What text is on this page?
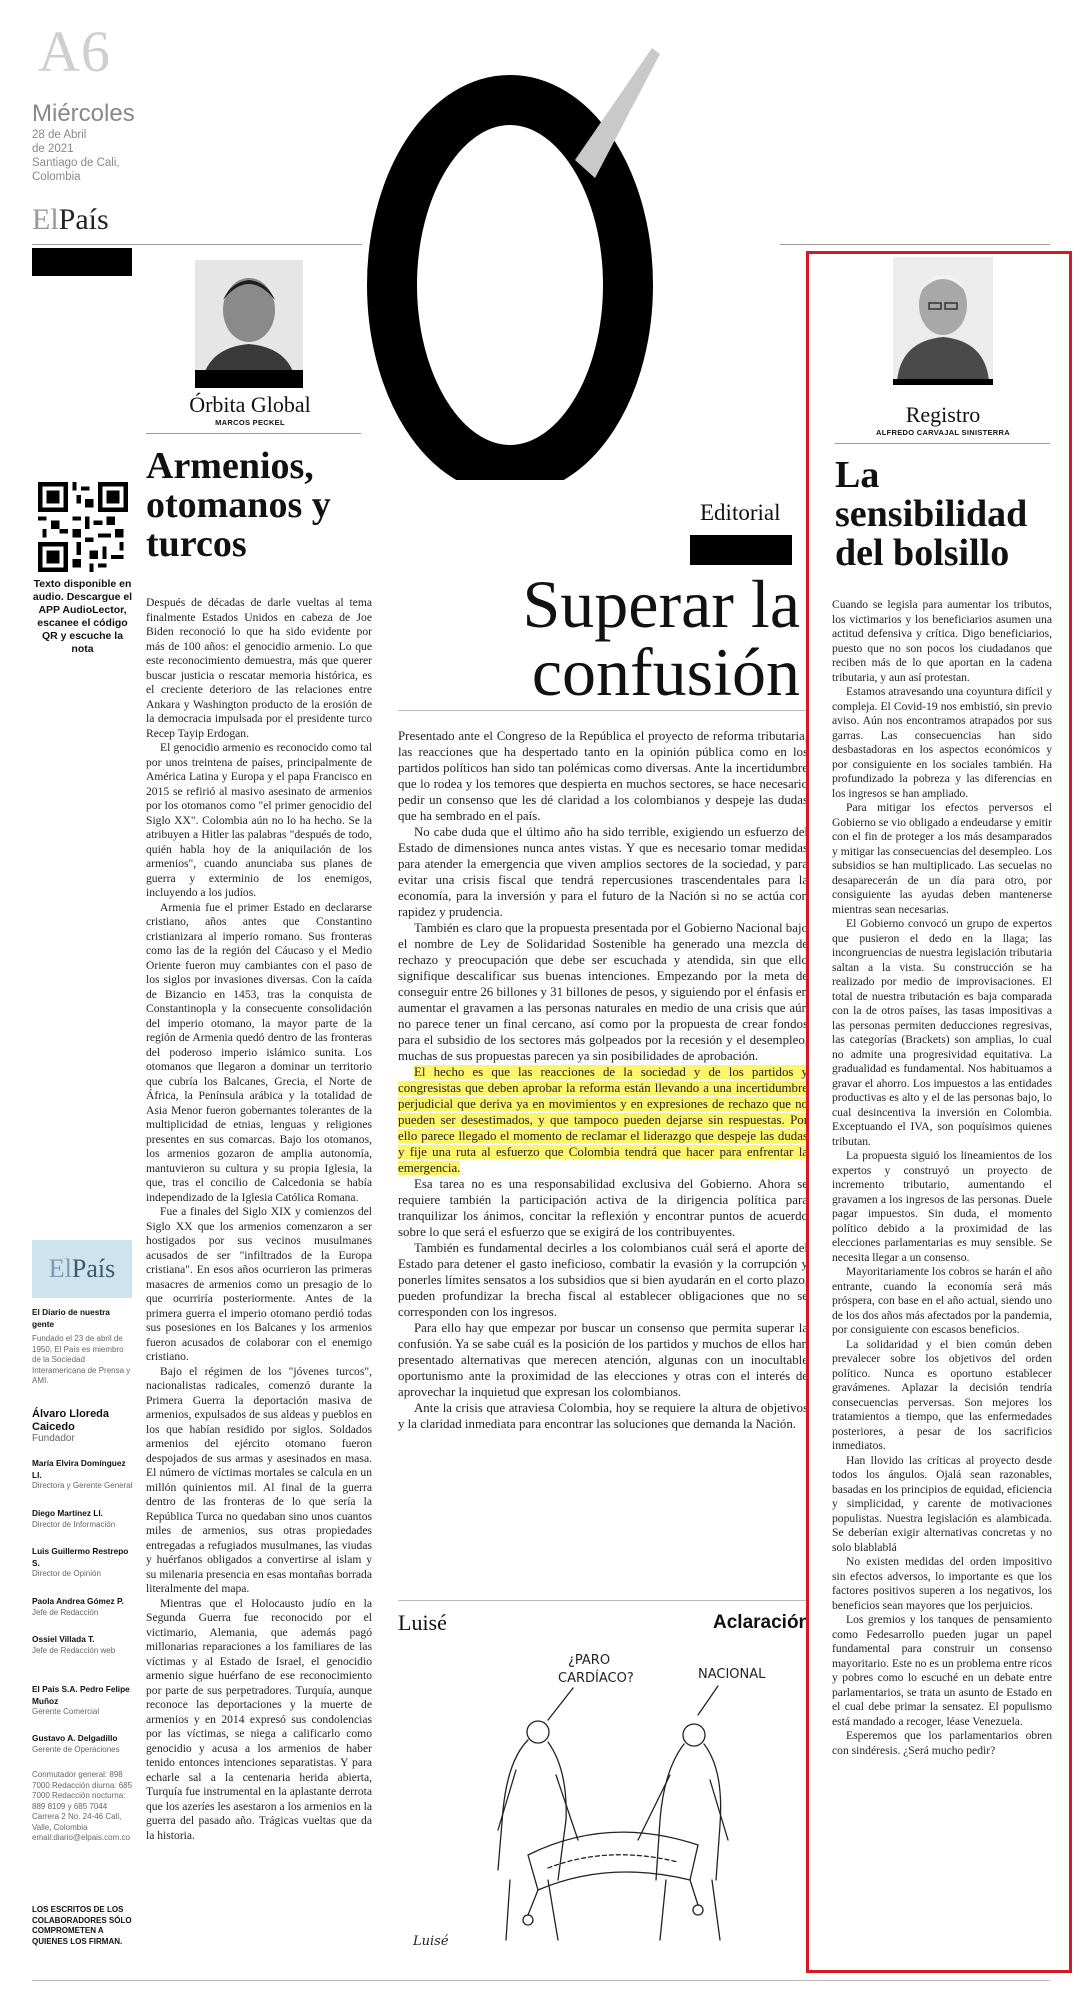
A6
Miércoles
28 de Abril
de 2021
Santiago de Cali,
Colombia
ElPaís
Órbita Global
MARCOS PECKEL
Armenios,
otomanos y
turcos

Después de décadas de darle vueltas al tema finalmente Estados Unidos en cabeza de Joe Biden reconoció lo que ha sido evidente por más de 100 años: el genocidio armenio. Lo que este reconocimiento demuestra, más que querer buscar justicia o rescatar memoria histórica, es el creciente deterioro de las relaciones entre Ankara y Washington producto de la erosión de la democracia impulsada por el presidente turco Recep Tayip Erdogan.

El genocidio armenio es reconocido como tal por unos treintena de países, principalmente de América Latina y Europa y el papa Francisco en 2015 se refirió al masivo asesinato de armenios por los otomanos como "el primer genocidio del Siglo XX". Colombia aún no lo ha hecho. Se la atribuyen a Hitler las palabras "después de todo, quién habla hoy de la aniquilación de los armenios", cuando anunciaba sus planes de guerra y exterminio de los enemigos, incluyendo a los judíos.

Armenia fue el primer Estado en declararse cristiano, años antes que Constantino cristianizara al imperio romano. Sus fronteras como las de la región del Cáucaso y el Medio Oriente fueron muy cambiantes con el paso de los siglos por invasiones diversas. Con la caída de Bizancio en 1453, tras la conquista de Constantinopla y la consecuente consolidación del imperio otomano, la mayor parte de la región de Armenia quedó dentro de las fronteras del poderoso imperio islámico sunita. Los otomanos que llegaron a dominar un territorio que cubría los Balcanes, Grecia, el Norte de África, la Península arábica y la totalidad de Asia Menor fueron gobernantes tolerantes de la multiplicidad de etnias, lenguas y religiones presentes en sus comarcas. Bajo los otomanos, los armenios gozaron de amplia autonomía, mantuvieron su cultura y su propia Iglesia, la que, tras el concilio de Calcedonia se había independizado de la Iglesia Católica Romana.

Fue a finales del Siglo XIX y comienzos del Siglo XX que los armenios comenzaron a ser hostigados por sus vecinos musulmanes acusados de ser "infiltrados de la Europa cristiana". En esos años ocurrieron las primeras masacres de armenios como un presagio de lo que ocurriría posteriormente. Antes de la primera guerra el imperio otomano perdió todas sus posesiones en los Balcanes y los armenios fueron acusados de colaborar con el enemigo cristiano.

Bajo el régimen de los "jóvenes turcos", nacionalistas radicales, comenzó durante la Primera Guerra la deportación masiva de armenios, expulsados de sus aldeas y pueblos en los que habían residido por siglos. Soldados armenios del ejército otomano fueron despojados de sus armas y asesinados en masa. El número de víctimas mortales se calcula en un millón quinientos mil. Al final de la guerra dentro de las fronteras de lo que sería la República Turca no quedaban sino unos cuantos miles de armenios, sus otras propiedades entregadas a refugiados musulmanes, las viudas y huérfanos obligados a convertirse al islam y su milenaria presencia en esas montañas borrada literalmente del mapa.

Mientras que el Holocausto judío en la Segunda Guerra fue reconocido por el victimario, Alemania, que además pagó millonarias reparaciones a los familiares de las víctimas y al Estado de Israel, el genocidio armenio sigue huérfano de ese reconocimiento por parte de sus perpetradores. Turquía, aunque reconoce las deportaciones y la muerte de armenios y en 2014 expresó sus condolencias por las víctimas, se niega a calificarlo como genocidio y acusa a los armenios de haber tenido entonces intenciones separatistas. Y para echarle sal a la centenaria herida abierta, Turquía fue instrumental en la aplastante derrota que los azeríes les asestaron a los armenios en la guerra del pasado año. Trágicas vueltas que da la historia.

Texto disponible en audio. Descargue el APP AudioLector, escanee el código QR y escuche la nota
ElPaís
El Diario de nuestra gente
Fundado el 23 de abril de 1950, El País es miembro de la Sociedad Interamericana de Prensa y AMI.
Álvaro Lloreda Caicedo
Fundador
María Elvira Domínguez Ll.
Directora y Gerente General
Diego Martínez Ll.
Director de Información
Luis Guillermo Restrepo S.
Director de Opinión
Paola Andrea Gómez P.
Jefe de Redacción
Ossiel Villada T.
Jefe de Redacción web
El País S.A. Pedro Felipe Muñoz
Gerente Comercial
Gustavo A. Delgadillo
Gerente de Operaciones
Conmutador general: 898 7000 Redacción diurna: 685 7000 Redacción nocturna: 889 8109 y 685 7044 Carrera 2 No. 24-46 Cali, Valle, Colombia email:diario@elpais.com.co
LOS ESCRITOS DE LOS COLABORADORES SÓLO COMPROMETEN A QUIENES LOS FIRMAN.
Editorial
Superar la
confusión

Presentado ante el Congreso de la República el proyecto de reforma tributaria, las reacciones que ha despertado tanto en la opinión pública como en los partidos políticos han sido tan polémicas como diversas. Ante la incertidumbre que lo rodea y los temores que despierta en muchos sectores, se hace necesario pedir un consenso que les dé claridad a los colombianos y despeje las dudas que ha sembrado en el país.

No cabe duda que el último año ha sido terrible, exigiendo un esfuerzo del Estado de dimensiones nunca antes vistas. Y que es necesario tomar medidas para atender la emergencia que viven amplios sectores de la sociedad, y para evitar una crisis fiscal que tendrá repercusiones trascendentales para la economía, para la inversión y para el futuro de la Nación si no se actúa con rapidez y prudencia.

También es claro que la propuesta presentada por el Gobierno Nacional bajo el nombre de Ley de Solidaridad Sostenible ha generado una mezcla de rechazo y preocupación que debe ser escuchada y atendida, sin que ello signifique descalificar sus buenas intenciones. Empezando por la meta de conseguir entre 26 billones y 31 billones de pesos, y siguiendo por el énfasis en aumentar el gravamen a las personas naturales en medio de una crisis que aún no parece tener un final cercano, así como por la propuesta de crear fondos para el subsidio de los sectores más golpeados por la recesión y el desempleo, muchas de sus propuestas parecen ya sin posibilidades de aprobación.

El hecho es que las reacciones de la sociedad y de los partidos y congresistas que deben aprobar la reforma están llevando a una incertidumbre perjudicial que deriva ya en movimientos y en expresiones de rechazo que no pueden ser desestimados, y que tampoco pueden dejarse sin respuestas. Por ello parece llegado el momento de reclamar el liderazgo que despeje las dudas y fije una ruta al esfuerzo que Colombia tendrá que hacer para enfrentar la emergencia.

Esa tarea no es una responsabilidad exclusiva del Gobierno. Ahora se requiere también la participación activa de la dirigencia política para tranquilizar los ánimos, concitar la reflexión y encontrar puntos de acuerdo sobre lo que será el esfuerzo que se exigirá de los contribuyentes.

También es fundamental decirles a los colombianos cuál será el aporte del Estado para detener el gasto ineficioso, combatir la evasión y la corrupción y ponerles límites sensatos a los subsidios que si bien ayudarán en el corto plazo, pueden profundizar la brecha fiscal al establecer obligaciones que no se corresponden con los ingresos.

Para ello hay que empezar por buscar un consenso que permita superar la confusión. Ya se sabe cuál es la posición de los partidos y muchos de ellos han presentado alternativas que merecen atención, algunas con un inocultable oportunismo ante la proximidad de las elecciones y otras con el interés de aprovechar la inquietud que expresan los colombianos.

Ante la crisis que atraviesa Colombia, hoy se requiere la altura de objetivos y la claridad inmediata para encontrar las soluciones que demanda la Nación.

Luisé	Aclaración
¿PARO
CARDÍACO?	NACIONAL
Luisé
Registro
ALFREDO CARVAJAL SINISTERRA
La
sensibilidad
del bolsillo

Cuando se legisla para aumentar los tributos, los victimarios y los beneficiarios asumen una actitud defensiva y crítica. Digo beneficiarios, puesto que no son pocos los ciudadanos que reciben más de lo que aportan en la cadena tributaria, y aun así protestan.

Estamos atravesando una coyuntura difícil y compleja. El Covid-19 nos embistió, sin previo aviso. Aún nos encontramos atrapados por sus garras. Las consecuencias han sido desbastadoras en los aspectos económicos y por consiguiente en los sociales también. Ha profundizado la pobreza y las diferencias en los ingresos se han ampliado.

Para mitigar los efectos perversos el Gobierno se vio obligado a endeudarse y emitir con el fin de proteger a los más desamparados y mitigar las consecuencias del desempleo. Los subsidios se han multiplicado. Las secuelas no desaparecerán de un día para otro, por consiguiente las ayudas deben mantenerse mientras sean necesarias.

El Gobierno convocó un grupo de expertos que pusieron el dedo en la llaga; las incongruencias de nuestra legislación tributaria saltan a la vista. Su construcción se ha realizado por medio de improvisaciones. El total de nuestra tributación es baja comparada con la de otros países, las tasas impositivas a las personas permiten deducciones regresivas, las categorías (Brackets) son amplias, lo cual no admite una progresividad equitativa. La gradualidad es fundamental. Nos habituamos a gravar el ahorro. Los impuestos a las entidades productivas es alto y el de las personas bajo, lo cual desincentiva la inversión en Colombia. Exceptuando el IVA, son poquísimos quienes tributan.

La propuesta siguió los lineamientos de los expertos y construyó un proyecto de incremento tributario, aumentando el gravamen a los ingresos de las personas. Duele pagar impuestos. Sin duda, el momento político debido a la proximidad de las elecciones parlamentarias es muy sensible. Se necesita llegar a un consenso.

Mayoritariamente los cobros se harán el año entrante, cuando la economía será más próspera, con base en el año actual, siendo uno de los dos años más afectados por la pandemia, por consiguiente con escasos beneficios.

La solidaridad y el bien común deben prevalecer sobre los objetivos del orden político. Nunca es oportuno establecer gravámenes. Aplazar la decisión tendría consecuencias perversas. Son mejores los tratamientos a tiempo, que las enfermedades posteriores, a pesar de los sacrificios inmediatos.

Han llovido las críticas al proyecto desde todos los ángulos. Ojalá sean razonables, basadas en los principios de equidad, eficiencia y simplicidad, y carente de motivaciones populistas. Nuestra legislación es alambicada. Se deberían exigir alternativas concretas y no solo blablablá

No existen medidas del orden impositivo sin efectos adversos, lo importante es que los factores positivos superen a los negativos, los beneficios sean mayores que los perjuicios.

Los gremios y los tanques de pensamiento como Fedesarrollo pueden jugar un papel fundamental para construir un consenso mayoritario. Este no es un problema entre ricos y pobres como lo escuché en un debate entre parlamentarios, se trata un asunto de Estado en el cual debe primar la sensatez. El populismo está mandado a recoger, léase Venezuela.

Esperemos que los parlamentarios obren con sindéresis. ¿Será mucho pedir?
